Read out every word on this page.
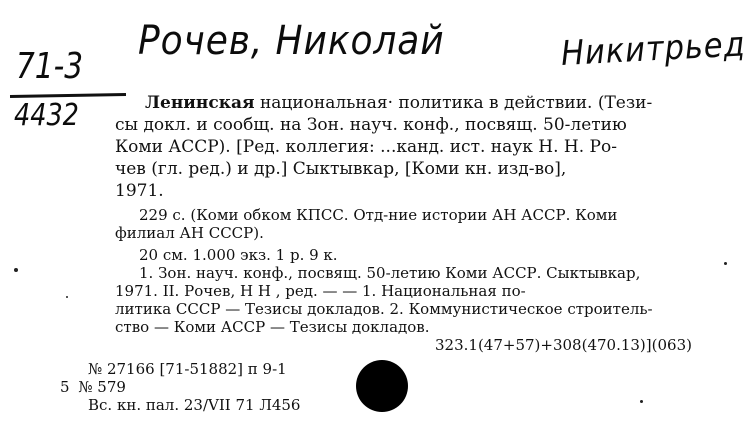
Рочев, Николай	Никитрьед
71-3
4432	Ленинская национальная· политика в действии. (Тези-
сы докл. и сообщ. на Зон. науч. конф., посвящ. 50-летию
Коми АССР). [Ред. коллегия: ...канд. ист. наук Н. Н. Ро-
чев (гл. ред.) и др.] Сыктывкар, [Коми кн. изд-во],
1971.
229 с. (Коми обком КПСС. Отд-ние истории АН АССР. Коми
филиал АН СССР).
20 см. 1.000 экз. 1 р. 9 к.
1. Зон. науч. конф., посвящ. 50-летию Коми АССР. Сыктывкар,
1971. II. Рочев, Н Н , ред. — — 1. Национальная по-
литика СССР — Тезисы докладов. 2. Коммунистическое строитель-
ство — Коми АССР — Тезисы докладов.
323.1(47+57)+308(470.13)](063)
№ 27166 [71-51882] п 9-1
5 № 579
Вс. кн. пал. 23/VII 71 Л456
